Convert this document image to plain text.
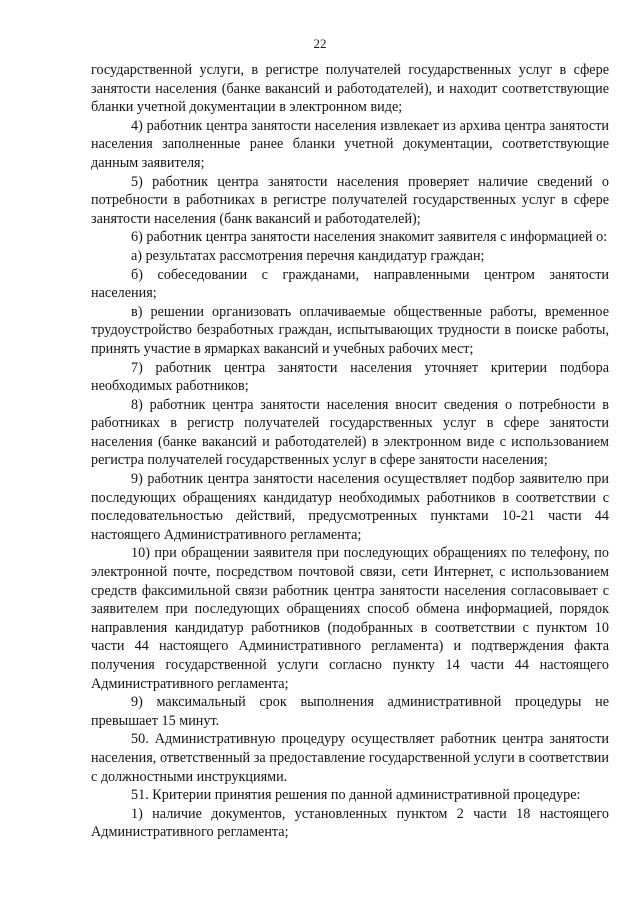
22

государственной услуги, в регистре получателей государственных услуг в сфере занятости населения (банке вакансий и работодателей), и находит соответствующие бланки учетной документации в электронном виде;

4) работник центра занятости населения извлекает из архива центра занятости населения заполненные ранее бланки учетной документации, соответствующие данным заявителя;

5) работник центра занятости населения проверяет наличие сведений о потребности в работниках в регистре получателей государственных услуг в сфере занятости населения (банк вакансий и работодателей);

6) работник центра занятости населения знакомит заявителя с информацией о:

а) результатах рассмотрения перечня кандидатур граждан;

б) собеседовании с гражданами, направленными центром занятости населения;

в) решении организовать оплачиваемые общественные работы, временное трудоустройство безработных граждан, испытывающих трудности в поиске работы, принять участие в ярмарках вакансий и учебных рабочих мест;

7) работник центра занятости населения уточняет критерии подбора необходимых работников;

8) работник центра занятости населения вносит сведения о потребности в работниках в регистр получателей государственных услуг в сфере занятости населения (банке вакансий и работодателей) в электронном виде с использованием регистра получателей государственных услуг в сфере занятости населения;

9) работник центра занятости населения осуществляет подбор заявителю при последующих обращениях кандидатур необходимых работников в соответствии с последовательностью действий, предусмотренных пунктами 10-21 части 44 настоящего Административного регламента;

10) при обращении заявителя при последующих обращениях по телефону, по электронной почте, посредством почтовой связи, сети Интернет, с использованием средств факсимильной связи работник центра занятости населения согласовывает с заявителем при последующих обращениях способ обмена информацией, порядок направления кандидатур работников (подобранных в соответствии с пунктом 10 части 44 настоящего Административного регламента) и подтверждения факта получения государственной услуги согласно пункту 14 части 44 настоящего Административного регламента;

9) максимальный срок выполнения административной процедуры не превышает 15 минут.

50. Административную процедуру осуществляет работник центра занятости населения, ответственный за предоставление государственной услуги в соответствии с должностными инструкциями.

51. Критерии принятия решения по данной административной процедуре:

1) наличие документов, установленных пунктом 2 части 18 настоящего Административного регламента;
